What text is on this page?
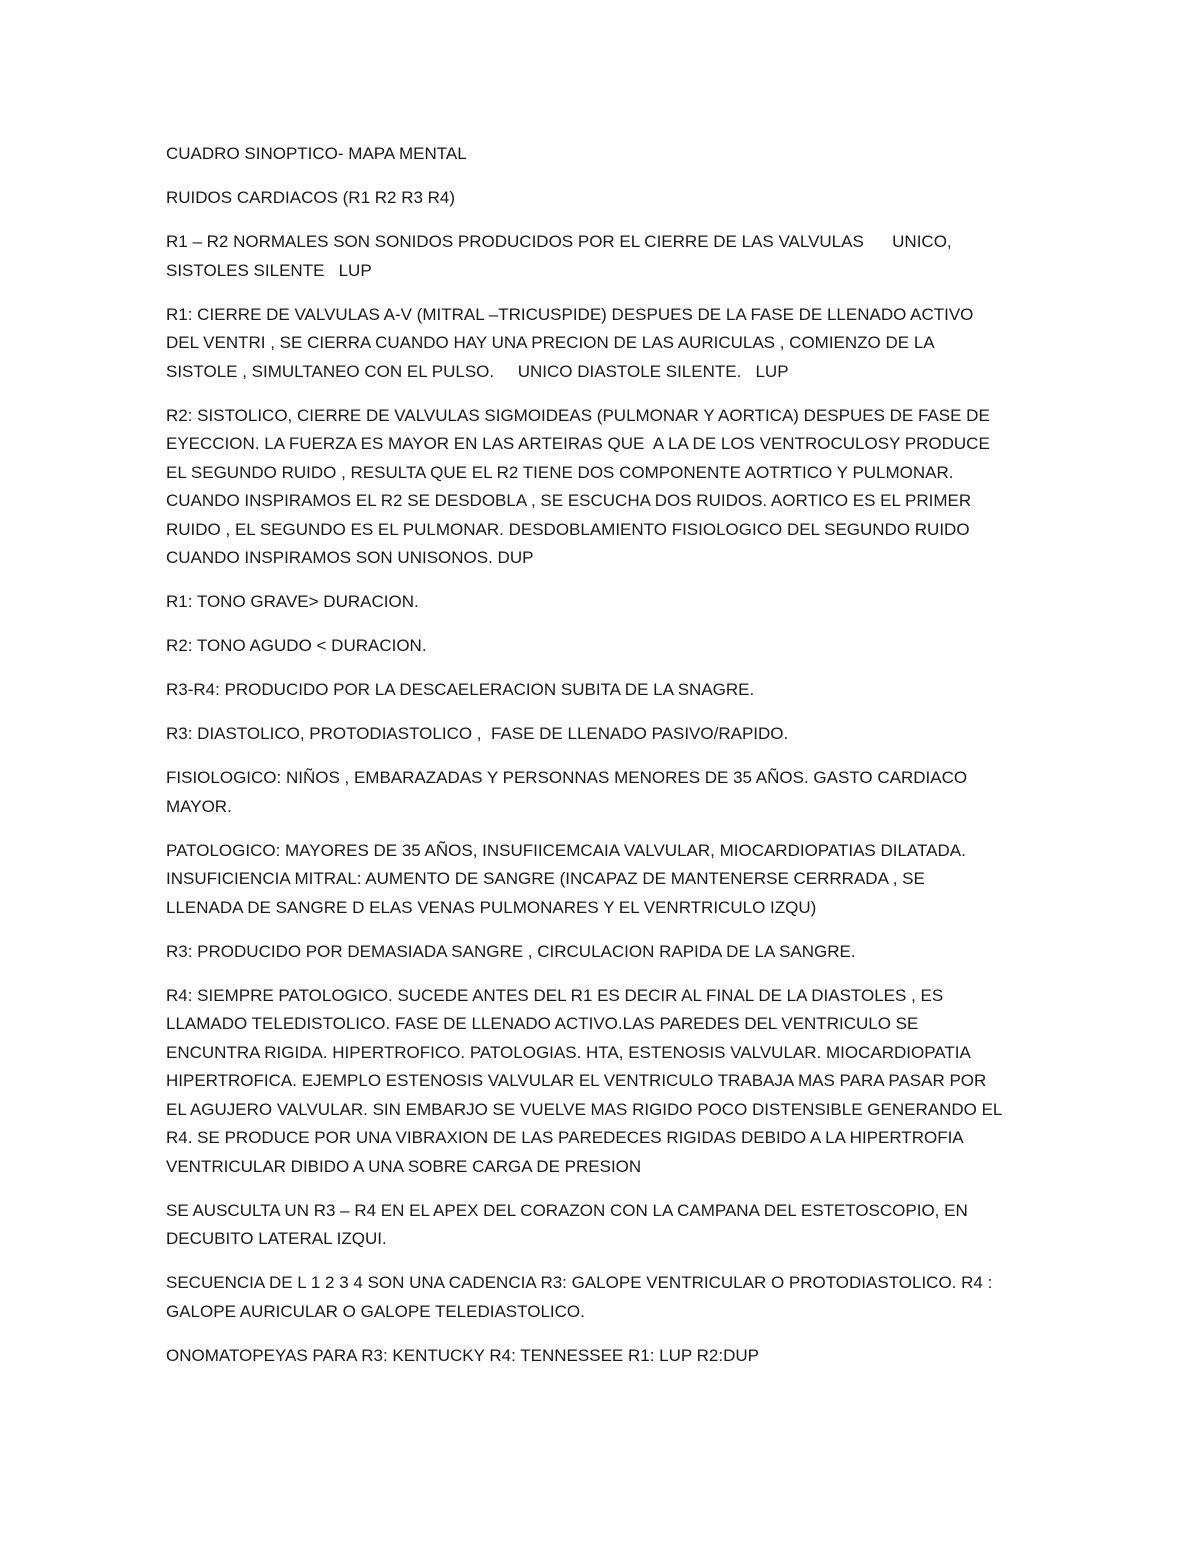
CUADRO SINOPTICO- MAPA MENTAL
RUIDOS CARDIACOS (R1 R2 R3 R4)
R1 – R2 NORMALES SON SONIDOS PRODUCIDOS POR EL CIERRE DE LAS VALVULAS      UNICO,
SISTOLES SILENTE   LUP
R1: CIERRE DE VALVULAS A-V (MITRAL –TRICUSPIDE) DESPUES DE LA FASE DE LLENADO ACTIVO
DEL VENTRI , SE CIERRA CUANDO HAY UNA PRECION DE LAS AURICULAS , COMIENZO DE LA
SISTOLE , SIMULTANEO CON EL PULSO.     UNICO DIASTOLE SILENTE.   LUP
R2: SISTOLICO, CIERRE DE VALVULAS SIGMOIDEAS (PULMONAR Y AORTICA) DESPUES DE FASE DE
EYECCION. LA FUERZA ES MAYOR EN LAS ARTEIRAS QUE  A LA DE LOS VENTROCULOSY PRODUCE
EL SEGUNDO RUIDO , RESULTA QUE EL R2 TIENE DOS COMPONENTE AOTRTICO Y PULMONAR.
CUANDO INSPIRAMOS EL R2 SE DESDOBLA , SE ESCUCHA DOS RUIDOS. AORTICO ES EL PRIMER
RUIDO , EL SEGUNDO ES EL PULMONAR. DESDOBLAMIENTO FISIOLOGICO DEL SEGUNDO RUIDO
CUANDO INSPIRAMOS SON UNISONOS. DUP
R1: TONO GRAVE> DURACION.
R2: TONO AGUDO < DURACION.
R3-R4: PRODUCIDO POR LA DESCAELERACION SUBITA DE LA SNAGRE.
R3: DIASTOLICO, PROTODIASTOLICO ,  FASE DE LLENADO PASIVO/RAPIDO.
FISIOLOGICO: NIÑOS , EMBARAZADAS Y PERSONNAS MENORES DE 35 AÑOS. GASTO CARDIACO
MAYOR.
PATOLOGICO: MAYORES DE 35 AÑOS, INSUFIICEMCAIA VALVULAR, MIOCARDIOPATIAS DILATADA.
INSUFICIENCIA MITRAL: AUMENTO DE SANGRE (INCAPAZ DE MANTENERSE CERRRADA , SE
LLENADA DE SANGRE D ELAS VENAS PULMONARES Y EL VENRTRICULO IZQU)
R3: PRODUCIDO POR DEMASIADA SANGRE , CIRCULACION RAPIDA DE LA SANGRE.
R4: SIEMPRE PATOLOGICO. SUCEDE ANTES DEL R1 ES DECIR AL FINAL DE LA DIASTOLES , ES
LLAMADO TELEDISTOLICO. FASE DE LLENADO ACTIVO.LAS PAREDES DEL VENTRICULO SE
ENCUNTRA RIGIDA. HIPERTROFICO. PATOLOGIAS. HTA, ESTENOSIS VALVULAR. MIOCARDIOPATIA
HIPERTROFICA. EJEMPLO ESTENOSIS VALVULAR EL VENTRICULO TRABAJA MAS PARA PASAR POR
EL AGUJERO VALVULAR. SIN EMBARJO SE VUELVE MAS RIGIDO POCO DISTENSIBLE GENERANDO EL
R4. SE PRODUCE POR UNA VIBRAXION DE LAS PAREDECES RIGIDAS DEBIDO A LA HIPERTROFIA
VENTRICULAR DIBIDO A UNA SOBRE CARGA DE PRESION
SE AUSCULTA UN R3 – R4 EN EL APEX DEL CORAZON CON LA CAMPANA DEL ESTETOSCOPIO, EN
DECUBITO LATERAL IZQUI.
SECUENCIA DE L 1 2 3 4 SON UNA CADENCIA R3: GALOPE VENTRICULAR O PROTODIASTOLICO. R4 :
GALOPE AURICULAR O GALOPE TELEDIASTOLICO.
ONOMATOPEYAS PARA R3: KENTUCKY R4: TENNESSEE R1: LUP R2:DUP
